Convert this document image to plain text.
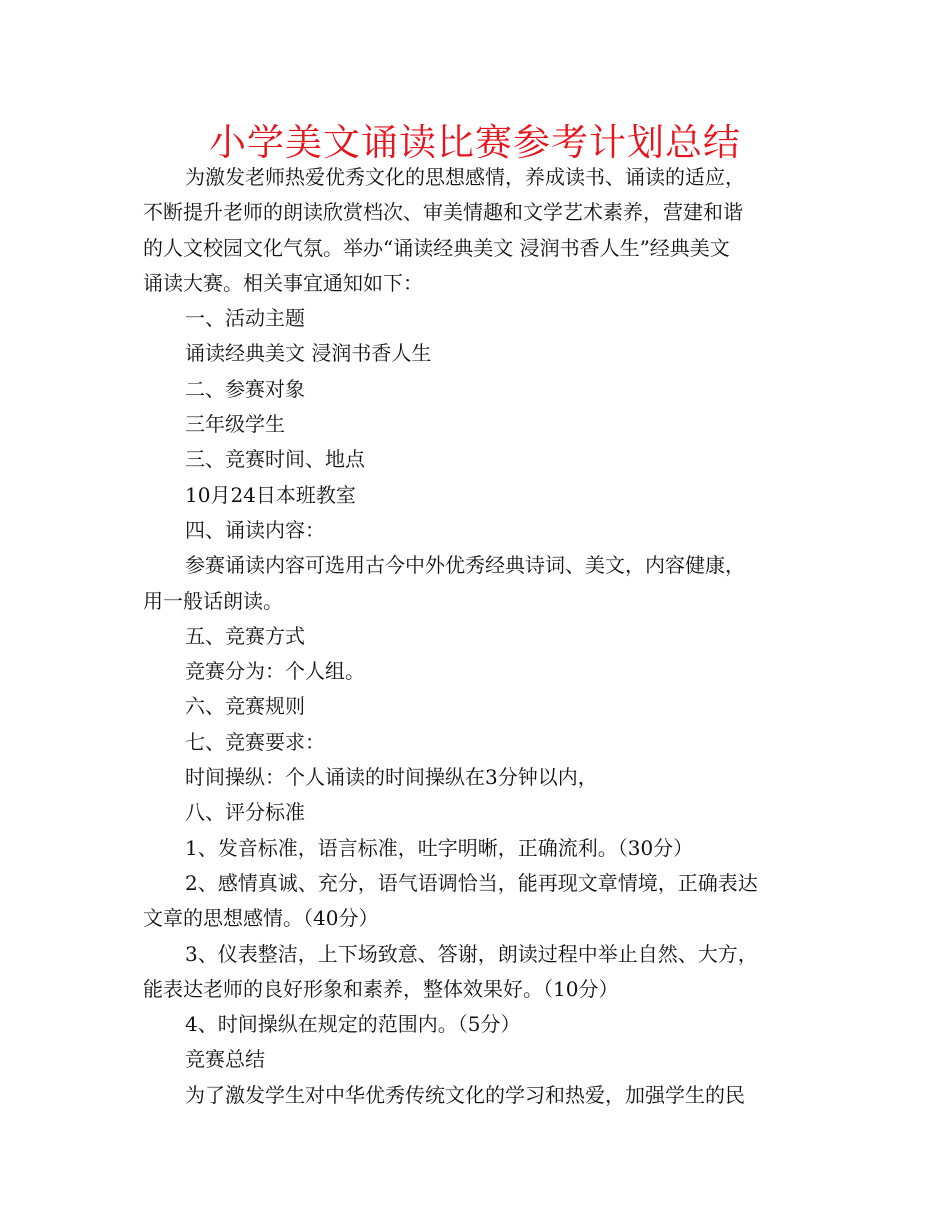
小学美文诵读比赛参考计划总结

为激发老师热爱优秀文化的思想感情，养成读书、诵读的适应，

不断提升老师的朗读欣赏档次、审美情趣和文学艺术素养，营建和谐

的人文校园文化气氛。举办“诵读经典美文 浸润书香人生”经典美文

诵读大赛。相关事宜通知如下：

一、活动主题

诵读经典美文 浸润书香人生

二、参赛对象

三年级学生

三、竞赛时间、地点

10月24日本班教室

四、诵读内容：

参赛诵读内容可选用古今中外优秀经典诗词、美文，内容健康，

用一般话朗读。

五、竞赛方式

竞赛分为：个人组。

六、竞赛规则

七、竞赛要求：

时间操纵：个人诵读的时间操纵在3分钟以内，

八、评分标准

1、发音标准，语言标准，吐字明晰，正确流利。（30分）

2、感情真诚、充分，语气语调恰当，能再现文章情境，正确表达

文章的思想感情。（40分）

3、仪表整洁，上下场致意、答谢，朗读过程中举止自然、大方，

能表达老师的良好形象和素养，整体效果好。（10分）

4、时间操纵在规定的范围内。（5分）

竞赛总结

为了激发学生对中华优秀传统文化的学习和热爱，加强学生的民
